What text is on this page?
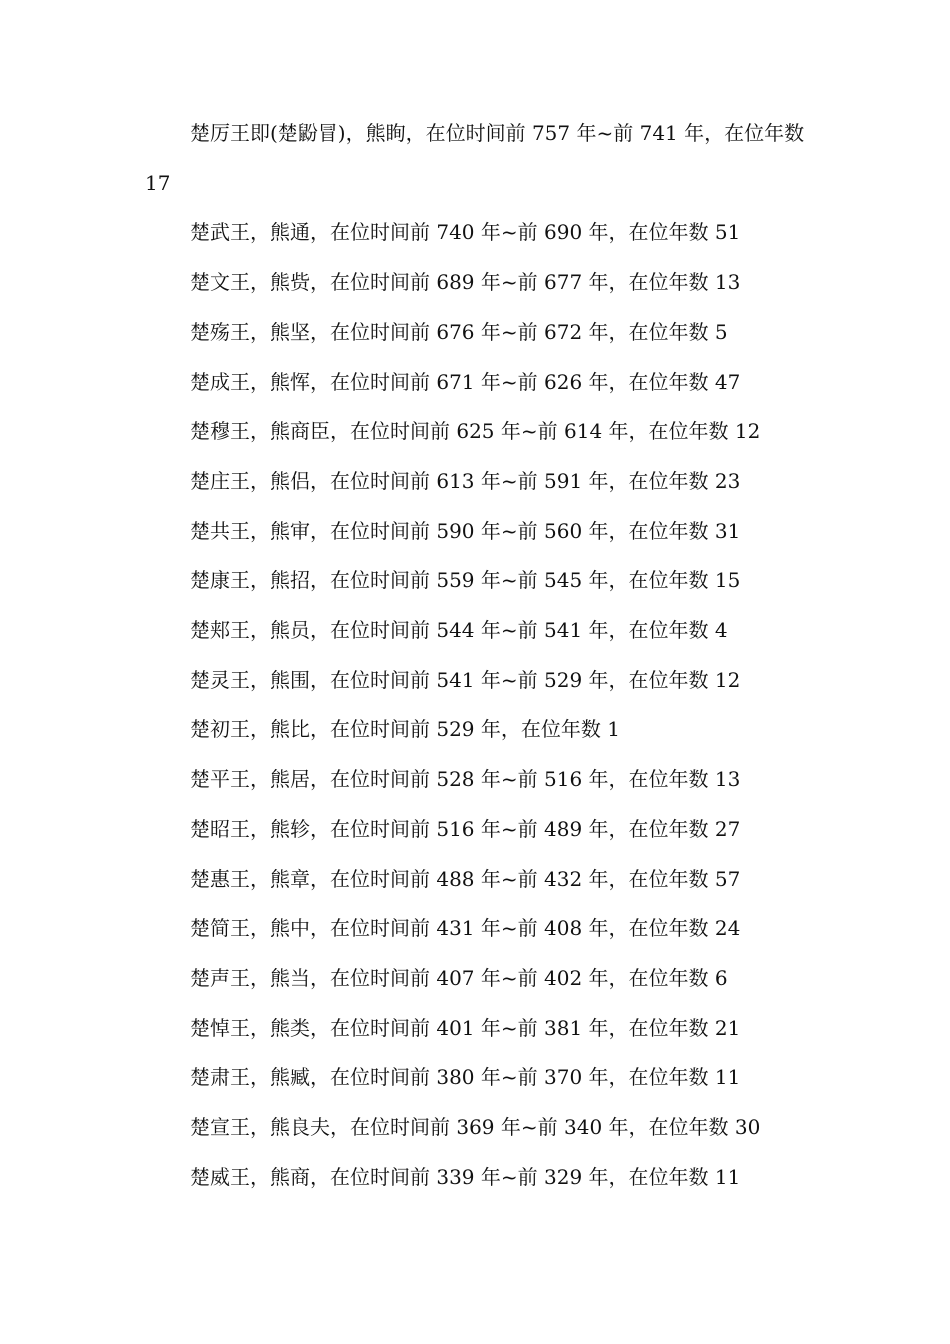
楚厉王即(楚鼢冒)，熊眴，在位时间前 757 年~前 741 年，在位年数 17

楚武王，熊通，在位时间前 740 年~前 690 年，在位年数 51

楚文王，熊赀，在位时间前 689 年~前 677 年，在位年数 13

楚殇王，熊坚，在位时间前 676 年~前 672 年，在位年数 5

楚成王，熊恽，在位时间前 671 年~前 626 年，在位年数 47

楚穆王，熊商臣，在位时间前 625 年~前 614 年，在位年数 12

楚庄王，熊侣，在位时间前 613 年~前 591 年，在位年数 23

楚共王，熊审，在位时间前 590 年~前 560 年，在位年数 31

楚康王，熊招，在位时间前 559 年~前 545 年，在位年数 15

楚郏王，熊员，在位时间前 544 年~前 541 年，在位年数 4

楚灵王，熊围，在位时间前 541 年~前 529 年，在位年数 12

楚初王，熊比，在位时间前 529 年，在位年数 1

楚平王，熊居，在位时间前 528 年~前 516 年，在位年数 13

楚昭王，熊轸，在位时间前 516 年~前 489 年，在位年数 27

楚惠王，熊章，在位时间前 488 年~前 432 年，在位年数 57

楚简王，熊中，在位时间前 431 年~前 408 年，在位年数 24

楚声王，熊当，在位时间前 407 年~前 402 年，在位年数 6

楚悼王，熊类，在位时间前 401 年~前 381 年，在位年数 21

楚肃王，熊臧，在位时间前 380 年~前 370 年，在位年数 11

楚宣王，熊良夫，在位时间前 369 年~前 340 年，在位年数 30

楚威王，熊商，在位时间前 339 年~前 329 年，在位年数 11
